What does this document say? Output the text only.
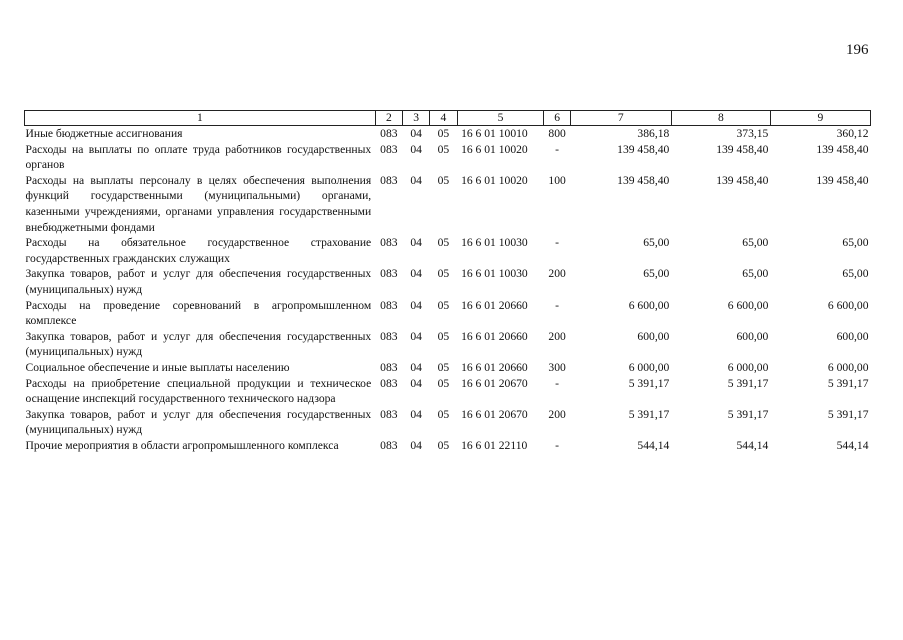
196
1	2	3	4	5	6	7	8	9
Иные бюджетные ассигнования	083	04	05	16 6 01 10010	800	386,18	373,15	360,12
Расходы на выплаты по оплате труда работников государственных органов	083	04	05	16 6 01 10020	-	139 458,40	139 458,40	139 458,40
Расходы на выплаты персоналу в целях обеспечения выполнения функций государственными (муниципальными) органами, казенными учреждениями, органами управления государственными внебюджетными фондами	083	04	05	16 6 01 10020	100	139 458,40	139 458,40	139 458,40
Расходы на обязательное государственное страхование государственных гражданских служащих	083	04	05	16 6 01 10030	-	65,00	65,00	65,00
Закупка товаров, работ и услуг для обеспечения государственных (муниципальных) нужд	083	04	05	16 6 01 10030	200	65,00	65,00	65,00
Расходы на проведение соревнований в агропромышленном комплексе	083	04	05	16 6 01 20660	-	6 600,00	6 600,00	6 600,00
Закупка товаров, работ и услуг для обеспечения государственных (муниципальных) нужд	083	04	05	16 6 01 20660	200	600,00	600,00	600,00
Социальное обеспечение и иные выплаты населению	083	04	05	16 6 01 20660	300	6 000,00	6 000,00	6 000,00
Расходы на приобретение специальной продукции и техническое оснащение инспекций государственного технического надзора	083	04	05	16 6 01 20670	-	5 391,17	5 391,17	5 391,17
Закупка товаров, работ и услуг для обеспечения государственных (муниципальных) нужд	083	04	05	16 6 01 20670	200	5 391,17	5 391,17	5 391,17
Прочие мероприятия в области агропромышленного комплекса	083	04	05	16 6 01 22110	-	544,14	544,14	544,14
